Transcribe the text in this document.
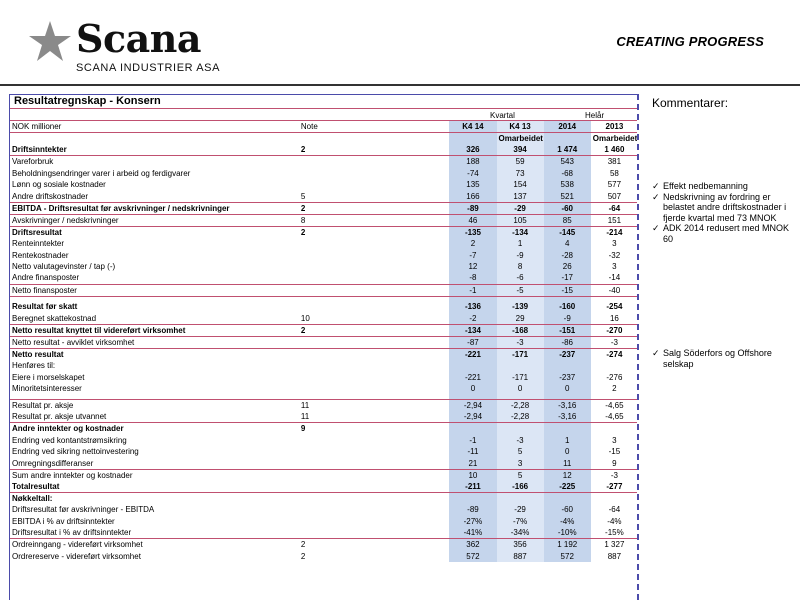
Scana
SCANA INDUSTRIER ASA
CREATING PROGRESS
Resultatregnskap - Konsern
Kvartal	Helår
NOK millioner	Note	K4 14	K4 13	2014	2013
			Omarbeidet		Omarbeidet
Driftsinntekter	2	326	394	1 474	1 460
Vareforbruk		188	59	543	381
Beholdningsendringer varer i arbeid og ferdigvarer		-74	73	-68	58
Lønn og sosiale kostnader		135	154	538	577
Andre driftskostnader	5	166	137	521	507
EBITDA - Driftsresultat før avskrivninger / nedskrivninger	2	-89	-29	-60	-64
Avskrivninger / nedskrivninger	8	46	105	85	151
Driftsresultat	2	-135	-134	-145	-214
Renteinntekter		2	1	4	3
Rentekostnader		-7	-9	-28	-32
Netto valutagevinster / tap (-)		12	8	26	3
Andre finansposter		-8	-6	-17	-14
Netto finansposter		-1	-5	-15	-40

Resultat før skatt		-136	-139	-160	-254
Beregnet skattekostnad	10	-2	29	-9	16
Netto resultat knyttet til videreført virksomhet	2	-134	-168	-151	-270
Netto resultat - avviklet virksomhet		-87	-3	-86	-3
Netto resultat		-221	-171	-237	-274
Henføres til:					
Eiere i morselskapet		-221	-171	-237	-276
Minoritetsinteresser		0	0	0	2

Resultat pr. aksje	11	-2,94	-2,28	-3,16	-4,65
Resultat pr. aksje utvannet	11	-2,94	-2,28	-3,16	-4,65
Andre inntekter og kostnader	9				
Endring ved kontantstrømsikring		-1	-3	1	3
Endring ved sikring nettoinvestering		-11	5	0	-15
Omregningsdifferanser		21	3	11	9
Sum andre inntekter og kostnader		10	5	12	-3
Totalresultat		-211	-166	-225	-277
Nøkkeltall:					
Driftsresultat før avskrivninger - EBITDA		-89	-29	-60	-64
EBITDA i % av driftsinntekter		-27%	-7%	-4%	-4%
Driftsresultat i % av driftsinntekter		-41%	-34%	-10%	-15%
Ordreinngang - videreført virksomhet	2	362	356	1 192	1 327
Ordrereserve - videreført virksomhet	2	572	887	572	887
Kommentarer:
✓ Effekt nedbemanning
✓ Nedskrivning av fordring er belastet andre driftskostnader i fjerde kvartal med 73 MNOK
✓ ADK 2014 redusert med MNOK 60
✓ Salg Söderfors og Offshore selskap
